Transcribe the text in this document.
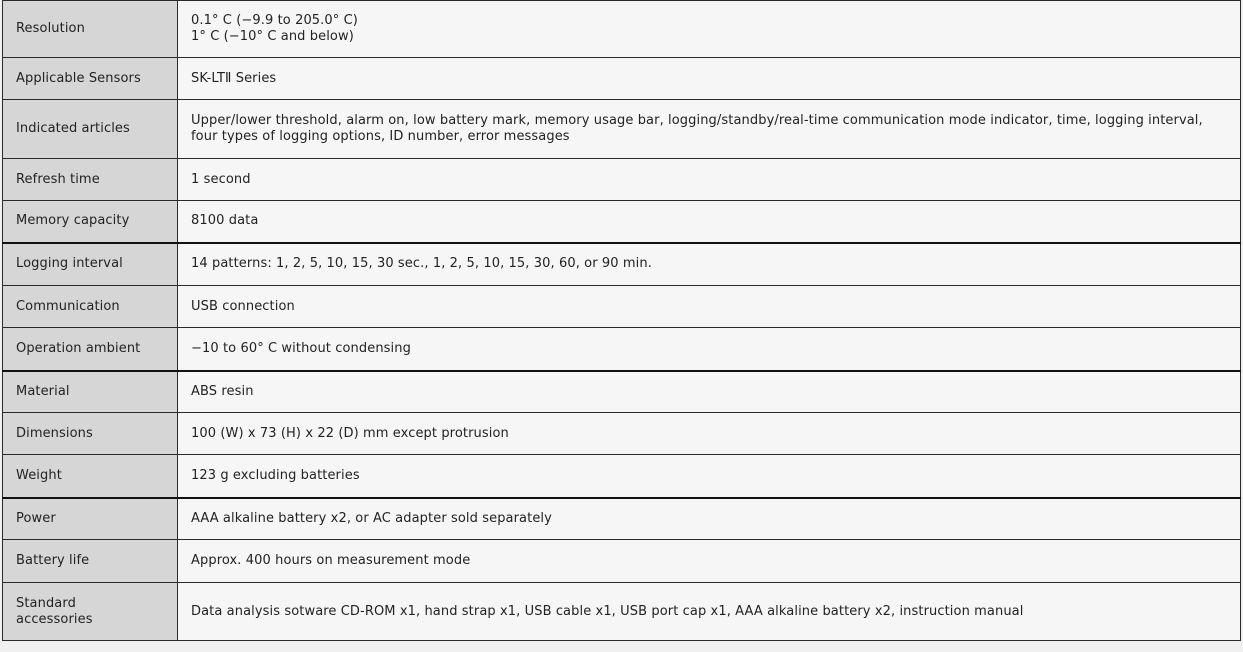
Resolution	0.1° C (−9.9 to 205.0° C)
1° C (−10° C and below)

Applicable Sensors	SK-LTⅡ Series
Indicated articles	Upper/lower threshold, alarm on, low battery mark, memory usage bar, logging/standby/real-time communication mode indicator, time, logging interval, four types of logging options, ID number, error messages
Refresh time	1 second
Memory capacity	8100 data
Logging interval	14 patterns: 1, 2, 5, 10, 15, 30 sec., 1, 2, 5, 10, 15, 30, 60, or 90 min.
Communication	USB connection
Operation ambient	−10 to 60° C without condensing
Material	ABS resin
Dimensions	100 (W) x 73 (H) x 22 (D) mm except protrusion
Weight	123 g excluding batteries
Power	AAA alkaline battery x2, or AC adapter sold separately
Battery life	Approx. 400 hours on measurement mode

Standard
accessories	Data analysis sotware CD-ROM x1, hand strap x1, USB cable x1, USB port cap x1, AAA alkaline battery x2, instruction manual
